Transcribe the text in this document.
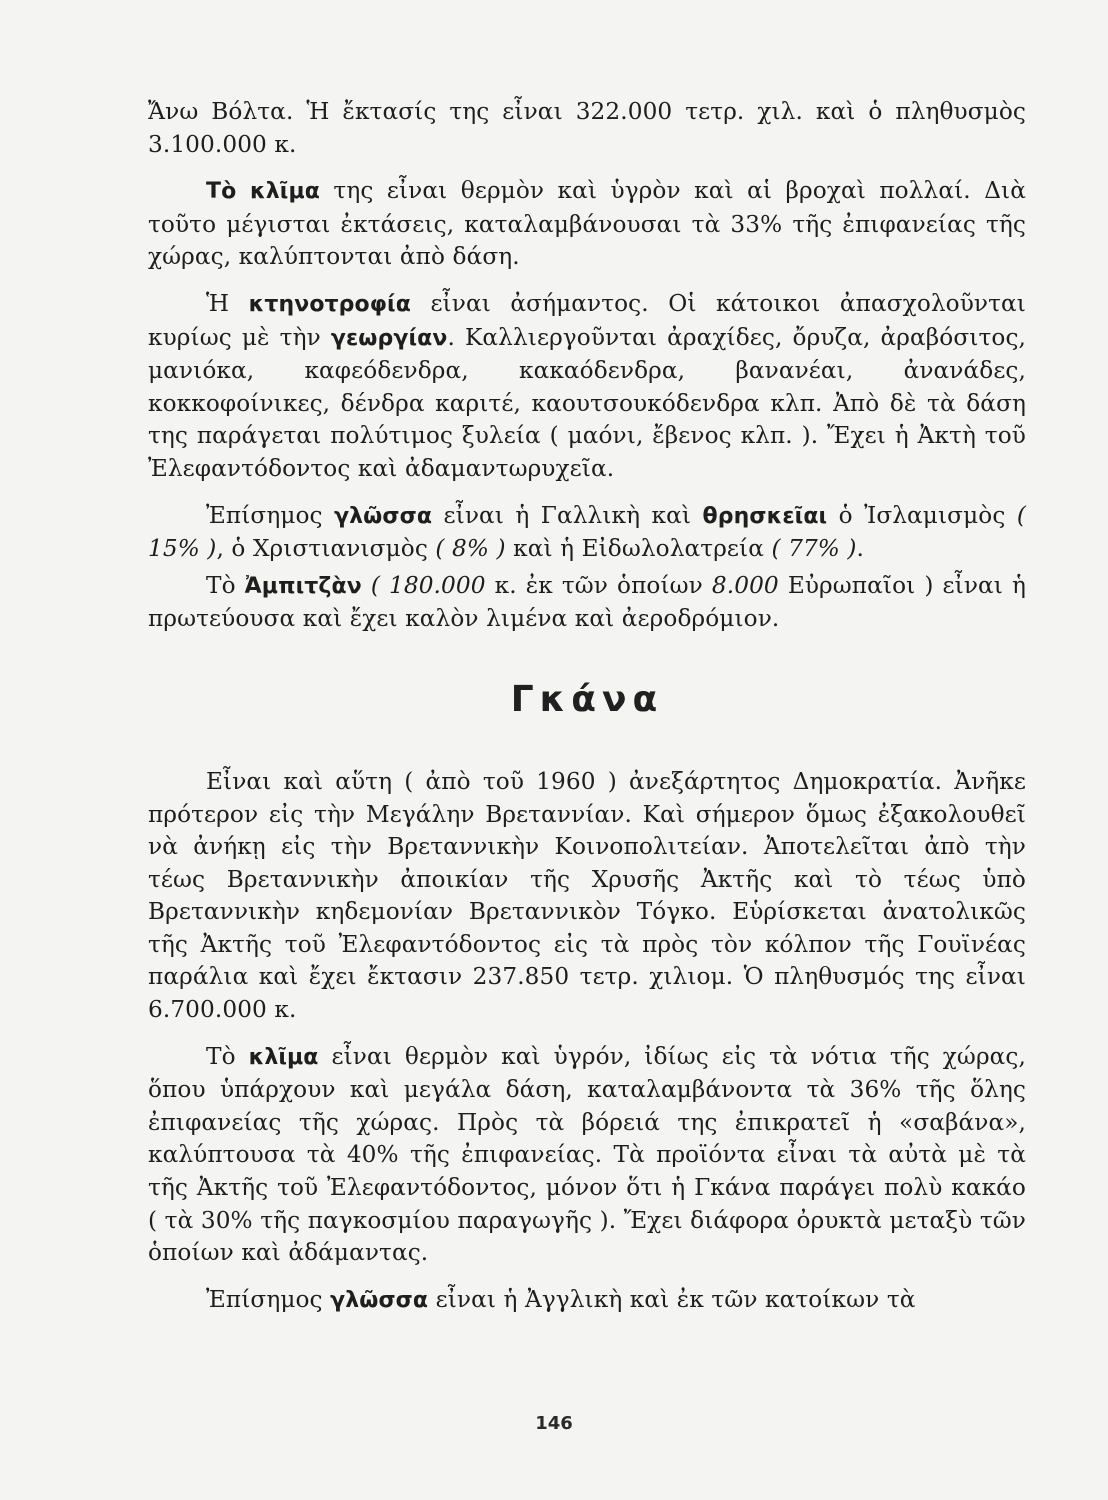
Ἄνω Βόλτα. Ἡ ἔκτασίς της εἶναι 322.000 τετρ. χιλ. καὶ ὁ πληθυσμὸς 3.100.000 κ.

Τὸ κλῖμα της εἶναι θερμὸν καὶ ὑγρὸν καὶ αἱ βροχαὶ πολλαί. Διὰ τοῦτο μέγισται ἐκτάσεις, καταλαμβάνουσαι τὰ 33% τῆς ἐπιφανείας τῆς χώρας, καλύπτονται ἀπὸ δάση.

Ἡ κτηνοτροφία εἶναι ἀσήμαντος. Οἱ κάτοικοι ἀπασχολοῦνται κυρίως μὲ τὴν γεωργίαν. Καλλιεργοῦνται ἀραχίδες, ὄρυζα, ἀραβόσιτος, μανιόκα, καφεόδενδρα, κακαόδενδρα, βανανέαι, ἀνανάδες, κοκκοφοίνικες, δένδρα καριτέ, καουτσουκόδενδρα κλπ. Ἀπὸ δὲ τὰ δάση της παράγεται πολύτιμος ξυλεία ( μαόνι, ἔβενος κλπ. ). Ἔχει ἡ Ἀκτὴ τοῦ Ἐλεφαντόδοντος καὶ ἀδαμαντωρυχεῖα.

Ἐπίσημος γλῶσσα εἶναι ἡ Γαλλικὴ καὶ θρησκεῖαι ὁ Ἰσλαμισμὸς ( 15% ), ὁ Χριστιανισμὸς ( 8% ) καὶ ἡ Εἰδωλολατρεία ( 77% ).

Τὸ Ἀμπιτζὰν ( 180.000 κ. ἐκ τῶν ὁποίων 8.000 Εὐρωπαῖοι ) εἶναι ἡ πρωτεύουσα καὶ ἔχει καλὸν λιμένα καὶ ἀεροδρόμιον.

Γκάνα

Εἶναι καὶ αὕτη ( ἀπὸ τοῦ 1960 ) ἀνεξάρτητος Δημοκρατία. Ἀνῆκε πρότερον εἰς τὴν Μεγάλην Βρεταννίαν. Καὶ σήμερον ὅμως ἐξακολουθεῖ νὰ ἀνήκῃ εἰς τὴν Βρεταννικὴν Κοινοπολιτείαν. Ἀποτελεῖται ἀπὸ τὴν τέως Βρεταννικὴν ἀποικίαν τῆς Χρυσῆς Ἀκτῆς καὶ τὸ τέως ὑπὸ Βρεταννικὴν κηδεμονίαν Βρεταννικὸν Τόγκο. Εὑρίσκεται ἀνατολικῶς τῆς Ἀκτῆς τοῦ Ἐλεφαντόδοντος εἰς τὰ πρὸς τὸν κόλπον τῆς Γουϊνέας παράλια καὶ ἔχει ἔκτασιν 237.850 τετρ. χιλιομ. Ὁ πληθυσμός της εἶναι 6.700.000 κ.

Τὸ κλῖμα εἶναι θερμὸν καὶ ὑγρόν, ἰδίως εἰς τὰ νότια τῆς χώρας, ὅπου ὑπάρχουν καὶ μεγάλα δάση, καταλαμβάνοντα τὰ 36% τῆς ὅλης ἐπιφανείας τῆς χώρας. Πρὸς τὰ βόρειά της ἐπικρατεῖ ἡ «σαβάνα», καλύπτουσα τὰ 40% τῆς ἐπιφανείας. Τὰ προϊόντα εἶναι τὰ αὐτὰ μὲ τὰ τῆς Ἀκτῆς τοῦ Ἐλεφαντόδοντος, μόνον ὅτι ἡ Γκάνα παράγει πολὺ κακάο ( τὰ 30% τῆς παγκοσμίου παραγωγῆς ). Ἔχει διάφορα ὀρυκτὰ μεταξὺ τῶν ὁποίων καὶ ἀδάμαντας.

Ἐπίσημος γλῶσσα εἶναι ἡ Ἀγγλικὴ καὶ ἐκ τῶν κατοίκων τὰ

146
